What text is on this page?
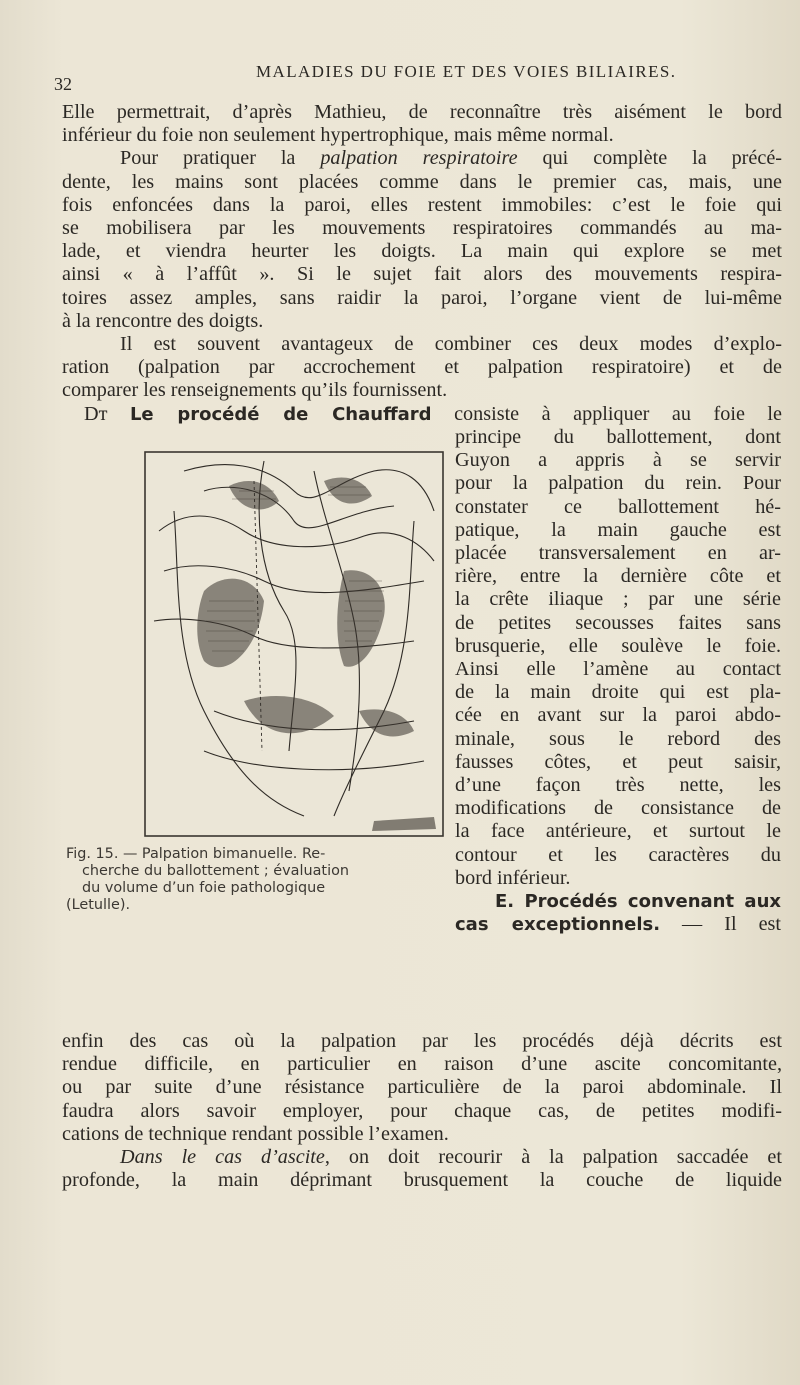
32
MALADIES DU FOIE ET DES VOIES BILIAIRES.

Elle permettrait, d’après Mathieu, de reconnaître très aisément le bord

inférieur du foie non seulement hypertrophique, mais même normal.

Pour pratiquer la palpation respiratoire qui complète la précé-

dente, les mains sont placées comme dans le premier cas, mais, une

fois enfoncées dans la paroi, elles restent immobiles: c’est le foie qui

se mobilisera par les mouvements respiratoires commandés au ma-

lade, et viendra heurter les doigts. La main qui explore se met

ainsi « à l’affût ». Si le sujet fait alors des mouvements respira-

toires assez amples, sans raidir la paroi, l’organe vient de lui-même

à la rencontre des doigts.

Il est souvent avantageux de combiner ces deux modes d’explo-

ration (palpation par accrochement et palpation respiratoire) et de

comparer les renseignements qu’ils fournissent.

Dт Le procédé de Chauffard consiste à appliquer au foie le

Fig. 15. — Palpation bimanuelle. Re-
cherche du ballottement ; évaluation
du volume d’un foie pathologique
(Letulle).

principe du ballottement, dont

Guyon a appris à se servir

pour la palpation du rein. Pour

constater ce ballottement hé-

patique, la main gauche est

placée transversalement en ar-

rière, entre la dernière côte et

la crête iliaque ; par une série

de petites secousses faites sans

brusquerie, elle soulève le foie.

Ainsi elle l’amène au contact

de la main droite qui est pla-

cée en avant sur la paroi abdo-

minale, sous le rebord des

fausses côtes, et peut saisir,

d’une façon très nette, les

modifications de consistance de

la face antérieure, et surtout le

contour et les caractères du

bord inférieur.

E. Procédés convenant aux

cas exceptionnels. — Il est

enfin des cas où la palpation par les procédés déjà décrits est

rendue difficile, en particulier en raison d’une ascite concomitante,

ou par suite d’une résistance particulière de la paroi abdominale. Il

faudra alors savoir employer, pour chaque cas, de petites modifi-

cations de technique rendant possible l’examen.

Dans le cas d’ascite, on doit recourir à la palpation saccadée et

profonde, la main déprimant brusquement la couche de liquide
